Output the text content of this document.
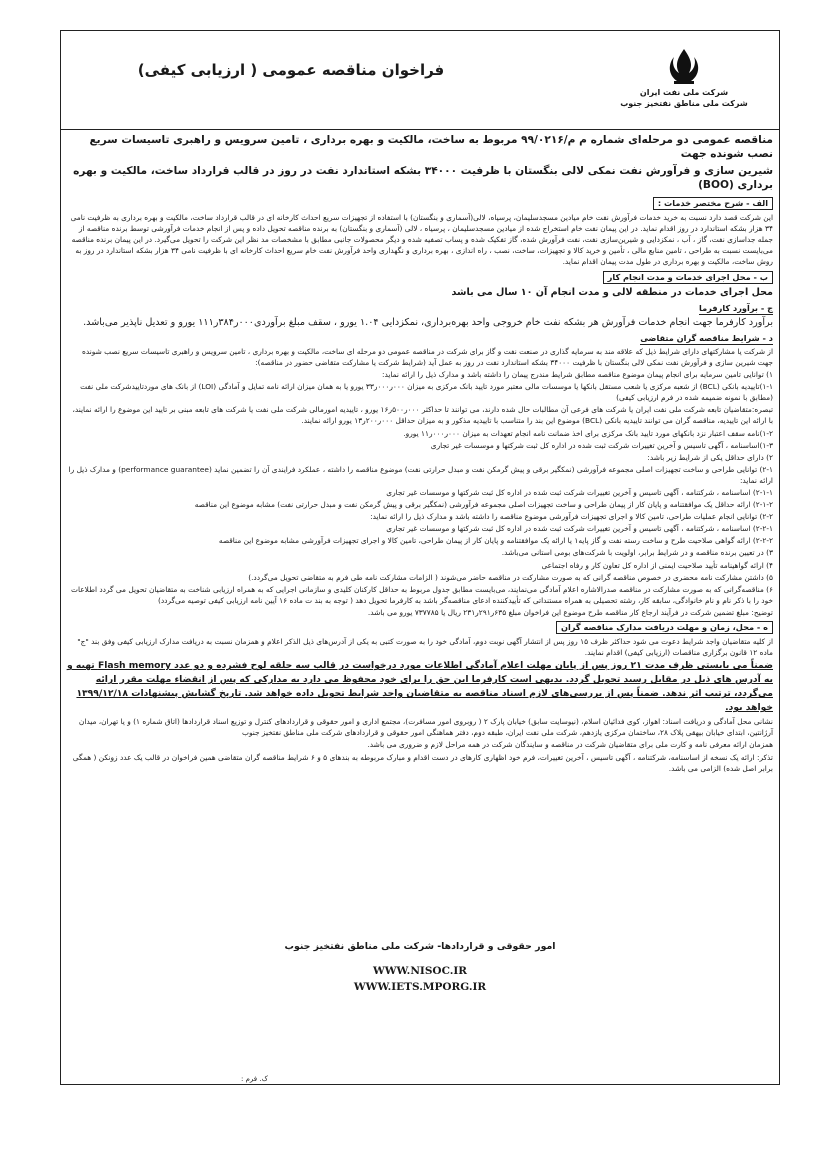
فراخوان مناقصه عمومی ( ارزیابی کیفی)
شرکت ملی نفت ایران
شرکت ملی مناطق نفتخیز جنوب
مناقصه عمومی دو مرحله‌ای شماره م م/۹۹/۰۲۱۶ مربوط به ساخت، مالکیت و بهره برداری ، تامین سرویس و راهبری تاسیسات سریع نصب شونده جهت
شیرین سازی و فرآورش نفت نمکی لالی بنگستان با ظرفیت ۳۴۰۰۰ بشکه استاندارد نفت در روز در قالب قرارداد ساخت، مالکیت و بهره برداری (BOO)
الف - شرح مختصر خدمات :
این شرکت قصد دارد نسبت به خرید خدمات فرآورش نفت خام میادین مسجدسلیمان، پرسیاه، لالی(آسماری و بنگستان) با استفاده از تجهیزات سریع احداث کارخانه ای در قالب قرارداد ساخت، مالکیت و بهره برداری به ظرفیت نامی ۳۴ هزار بشکه استاندارد در روز اقدام نماید. در این پیمان نفت خام استخراج شده از میادین مسجدسلیمان ، پرسیاه ، لالی (آسماری و بنگستان) به برنده مناقصه تحویل داده و پس از انجام خدمات فرآورشی توسط برنده مناقصه از جمله جداسازی نفت، گاز ، آب ، نمکزدایی و شیرین‌سازی نفت، نفت فرآورش شده، گاز تفکیک شده و پساب تصفیه شده و دیگر محصولات جانبی مطابق با مشخصات مد نظر این شرکت را تحویل می‌گیرد. در این پیمان برنده مناقصه می‌بایست نسبت به طراحی ، تامین منابع مالی ، تأمین و خرید کالا و تجهیزات، ساخت، نصب ، راه اندازی ، بهره برداری و نگهداری واحد فرآورش نفت خام سریع احداث کارخانه ای با ظرفیت نامی ۳۴ هزار بشکه استاندارد در روز به روش ساخت، مالکیت و بهره برداری در طول مدت پیمان اقدام نماید.
ب - محل اجرای خدمات و مدت انجام کار
محل اجرای خدمات در منطقه لالی و مدت انجام آن ۱۰ سال می باشد
ج - برآورد کارفرما
برآورد کارفرما جهت انجام خدمات فرآورش هر بشکه نفت خام خروجی واحد بهره‌برداری، نمکزدایی ۱.۰۴ یورو ، سقف مبلغ برآوردی۰۰۰ر۳۸۴ر۱۱۱ یورو و تعدیل ناپذیر می‌باشد.
د - شرایط مناقصه گران متقاضی
از شرکت یا مشارکتهای دارای شرایط ذیل که علاقه مند به سرمایه گذاری در صنعت نفت و گاز برای شرکت در مناقصه عمومی دو مرحله ای ساخت، مالکیت و بهره برداری ، تامین سرویس و راهبری تاسیسات سریع نصب شونده جهت شیرین سازی و فرآورش نفت نمکی لالی بنگستان با ظرفیت ۳۴۰۰۰ بشکه استاندارد نفت در روز به عمل آید (شرایط شرکت یا مشارکت متقاضی حضور در مناقصه):
۱) توانایی تامین سرمایه برای انجام پیمان موضوع مناقصه مطابق شرایط مندرج پیمان را داشته باشد و مدارک ذیل را ارائه نماید:
۱-۱)تاییدیه بانکی (BCL) از شعبه مرکزی یا شعب مستقل بانکها یا موسسات مالی معتبر مورد تایید بانک مرکزی به میزان ۰۰۰ر۰۰۰ر۳۳ یورو یا به همان میزان ارائه نامه تمایل و آمادگی (LOI) از بانک های موردتاییدشرکت ملی نفت (مطابق با نمونه ضمیمه شده در فرم ارزیابی کیفی)
تبصره:متقاضیان تابعه شرکت ملی نفت ایران یا شرکت های فرعی آن مطالبات حال شده دارند، می توانند تا حداکثر ۰۰۰ر۵۰۰ر۱۶ یورو ، تاییدیه امورمالی شرکت ملی نفت یا شرکت های تابعه مبنی بر تایید این موضوع را ارائه نمایند، با ارائه این تاییدیه، مناقصه گران می توانند تاییدیه بانکی (BCL) موضوع این بند را متناسب با تاییدیه مذکور و به میزان حداقل ۰۰۰ر۲۰۰ر۱۳ یورو ارائه نمایند.
۱-۲)نامه سقف اعتبار نزد بانکهای مورد تایید بانک مرکزی برای اخذ ضمانت نامه انجام تعهدات به میزان ۰۰۰ر۰۰۰ر۱۱ یورو.
۱-۳)اساسنامه ، آگهی تاسیس و آخرین تغییرات شرکت ثبت شده در اداره کل ثبت شرکتها و موسسات غیر تجاری
۲) دارای حداقل یکی از شرایط زیر باشد:
۲-۱) توانایی طراحی و ساخت تجهیزات اصلی مجموعه فرآورشی (نمکگیر برقی و پیش گرمکن نفت و مبدل حرارتی نفت) موضوع مناقصه را داشته ، عملکرد فرایندی آن را تضمین نماید (performance guarantee) و مدارک ذیل را ارائه نماید:
۲-۱-۱) اساسنامه ، شرکتنامه ، آگهی تاسیس و آخرین تغییرات شرکت ثبت شده در اداره کل ثبت شرکتها و موسسات غیر تجاری
۲-۱-۲) ارائه حداقل یک موافقتنامه و پایان کار از پیمان طراحی و ساخت تجهیزات اصلی مجموعه فرآورشی (نمکگیر برقی و پیش گرمکن نفت و مبدل حرارتی نفت) مشابه موضوع این مناقصه
۲-۲) توانایی انجام عملیات طراحی، تامین کالا و اجرای تجهیزات فرآورشی موضوع مناقصه را داشته باشد و مدارک ذیل را ارائه نماید:
۲-۲-۱) اساسنامه ، شرکتنامه ، آگهی تاسیس و آخرین تغییرات شرکت ثبت شده در اداره کل ثبت شرکتها و موسسات غیر تجاری
۲-۲-۲) ارائه گواهی صلاحیت طرح و ساخت رسته نفت و گاز پایه۱ یا ارائه یک موافقتنامه و پایان کار از پیمان طراحی، تامین کالا و اجرای تجهیزات فرآورشی مشابه موضوع این مناقصه
۳) در تعیین برنده مناقصه و در شرایط برابر، اولویت با شرکت‌های بومی استانی می‌باشد.
۴) ارائه گواهینامه تأیید صلاحیت ایمنی از اداره کل تعاون کار و رفاه اجتماعی
۵) داشتن مشارکت نامه محضری در خصوص مناقصه گرانی که به صورت مشارکت در مناقصه حاضر می‌شوند ( الزامات مشارکت نامه طی فرم به متقاضی تحویل می‌گردد.)
۶) مناقصه‌گرانی که به صورت مشارکت در مناقصه صدرالاشاره اعلام آمادگی می‌نمایند، می‌بایست مطابق جدول مربوط به حداقل کارکنان کلیدی و سازمانی اجرایی که به همراه ارزیابی شناخت به متقاضیان تحویل می گردد اطلاعات خود را با ذکر نام و نام خانوادگی، سابقه کار، رشته تحصیلی به همراه مستنداتی که تأییدکننده ادعای مناقصه‌گر باشد به کارفرما تحویل دهد ( توجه به بند ت ماده ۱۶ آیین نامه ارزیابی کیفی توصیه می‌گردد)
توضیح: مبلغ تضمین شرکت در فرآیند ارجاع کار مناقصه طرح موضوع این فراخوان مبلغ ۶۳۵ر۲۹۱ر۲۳۱ ریال یا ۷۳۷۷۸۵ یورو می باشد.
ه - محل، زمان و مهلت دریافت مدارک مناقصه گران
از کلیه متقاضیان واجد شرایط دعوت می شود حداکثر ظرف ۱۵ روز پس از انتشار آگهی نوبت دوم، آمادگی خود را به صورت کتبی به یکی از آدرس‌های ذیل الذکر اعلام و همزمان نسبت به دریافت مدارک ارزیابی کیفی وفق بند "ج" ماده ۱۲ قانون برگزاری مناقصات (ارزیابی کیفی) اقدام نمایند.
ضمناً می بایستی ظرف مدت ۲۱ روز پس از پایان مهلت اعلام آمادگی اطلاعات مورد درخواست در قالب سه حلقه لوح فشرده و دو عدد Flash memory تهیه و به آدرس های ذیل در مقابل رسید تحویل گردد. بدیهی است کارفرما این حق را برای خود محفوظ می دارد به مدارکی که پس از انقضاء مهلت مقرر ارائه می‌گردد، ترتیب اثر ندهد. ضمناً پس از بررسی‌های لازم اسناد مناقصه به متقاضیان واجد شرایط تحویل داده خواهد شد. تاریخ گشایش پیشنهادات ۱۳۹۹/۱۲/۱۸ خواهد بود.
نشانی محل آمادگی و دریافت اسناد: اهواز، کوی فدائیان اسلام، (نیوسایت سابق) خیابان پارک ۲ ( روبروی امور مسافرت)، مجتمع اداری و امور حقوقی و قراردادهای کنترل و توزیع اسناد قراردادها (اتاق شماره ۱) و یا تهران، میدان آرژانتین، ابتدای خیابان بیهقی پلاک ۲۸، ساختمان مرکزی یازدهم، شرکت ملی نفت ایران، طبقه دوم، دفتر هماهنگی امور حقوقی و قراردادهای شرکت ملی مناطق نفتخیز جنوب
همزمان ارائه معرفی نامه و کارت ملی برای متقاضیان شرکت در مناقصه و سایندگان شرکت در همه مراحل لازم و ضروری می باشد.
تذکر: ارائه یک نسخه از اساسنامه، شرکتنامه ، آگهی تاسیس ، آخرین تغییرات، فرم خود اظهاری کارهای در دست اقدام و مبارک مربوطه به بندهای ۵ و ۶ شرایط مناقصه گران متقاضی همین فراخوان در قالب یک عدد زونکن ( همگی برابر اصل شده) الزامی می باشد.
امور حقوقی و قراردادها- شرکت ملی مناطق نفتخیز جنوب
WWW.NISOC.IR
WWW.IETS.MPORG.IR
ک. فرم :
